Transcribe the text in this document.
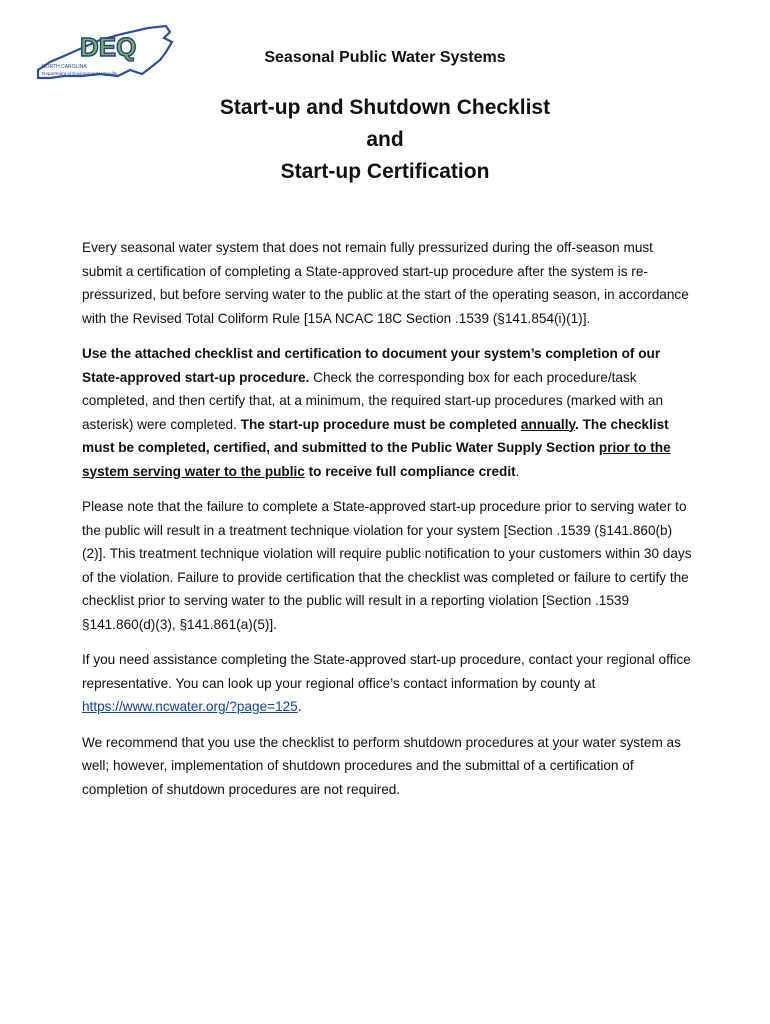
DEQ
NORTH CAROLINA
Department of Environmental Quality
Seasonal Public Water Systems
Start-up and Shutdown Checklist
and
Start-up Certification

Every seasonal water system that does not remain fully pressurized during the off-season must submit a certification of completing a State-approved start-up procedure after the system is re-pressurized, but before serving water to the public at the start of the operating season, in accordance with the Revised Total Coliform Rule [15A NCAC 18C Section .1539 (§141.854(i)(1)].

Use the attached checklist and certification to document your system’s completion of our State-approved start-up procedure. Check the corresponding box for each procedure/task completed, and then certify that, at a minimum, the required start-up procedures (marked with an asterisk) were completed. The start-up procedure must be completed annually. The checklist must be completed, certified, and submitted to the Public Water Supply Section prior to the system serving water to the public to receive full compliance credit.

Please note that the failure to complete a State-approved start-up procedure prior to serving water to the public will result in a treatment technique violation for your system [Section .1539 (§141.860(b)(2)]. This treatment technique violation will require public notification to your customers within 30 days of the violation. Failure to provide certification that the checklist was completed or failure to certify the checklist prior to serving water to the public will result in a reporting violation [Section .1539 §141.860(d)(3), §141.861(a)(5)].

If you need assistance completing the State-approved start-up procedure, contact your regional office representative. You can look up your regional office’s contact information by county at https://www.ncwater.org/?page=125.

We recommend that you use the checklist to perform shutdown procedures at your water system as well; however, implementation of shutdown procedures and the submittal of a certification of completion of shutdown procedures are not required.
